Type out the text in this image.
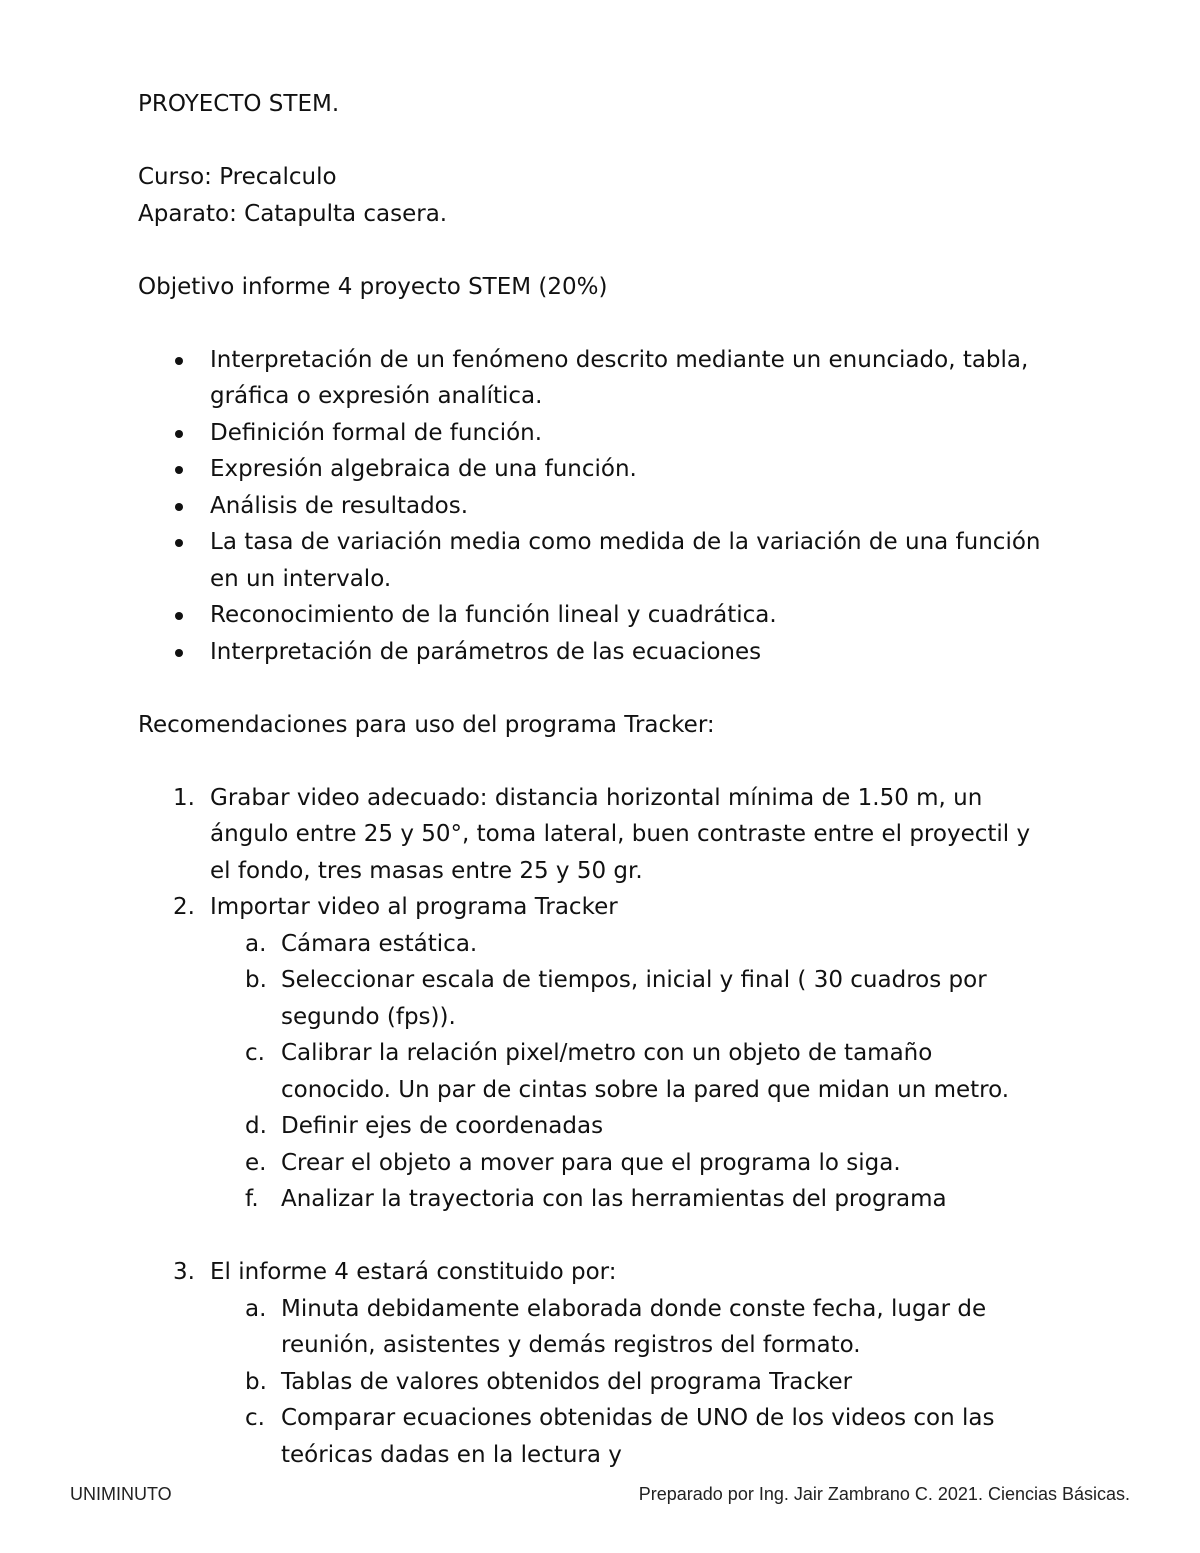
PROYECTO STEM.
Curso: Precalculo
Aparato: Catapulta casera.
Objetivo informe 4 proyecto STEM (20%)
Interpretación de un fenómeno descrito mediante un enunciado, tabla,
gráfica o expresión analítica.
Definición formal de función.
Expresión algebraica de una función.
Análisis de resultados.
La tasa de variación media como medida de la variación de una función
en un intervalo.
Reconocimiento de la función lineal y cuadrática.
Interpretación de parámetros de las ecuaciones
Recomendaciones para uso del programa Tracker:
1. Grabar video adecuado: distancia horizontal mínima de 1.50 m, un
ángulo entre 25 y 50°, toma lateral, buen contraste entre el proyectil y
el fondo, tres masas entre 25 y 50 gr.
2. Importar video al programa Tracker
a. Cámara estática.
b. Seleccionar escala de tiempos, inicial y final ( 30 cuadros por
segundo (fps)).
c. Calibrar la relación pixel/metro con un objeto de tamaño
conocido. Un par de cintas sobre la pared que midan un metro.
d. Definir ejes de coordenadas
e. Crear el objeto a mover para que el programa lo siga.
f. Analizar la trayectoria con las herramientas del programa
3. El informe 4 estará constituido por:
a. Minuta debidamente elaborada donde conste fecha, lugar de
reunión, asistentes y demás registros del formato.
b. Tablas de valores obtenidos del programa Tracker
c. Comparar ecuaciones obtenidas de UNO de los videos con las
teóricas dadas en la lectura y
UNIMINUTO	Preparado por Ing. Jair Zambrano C. 2021. Ciencias Básicas.
